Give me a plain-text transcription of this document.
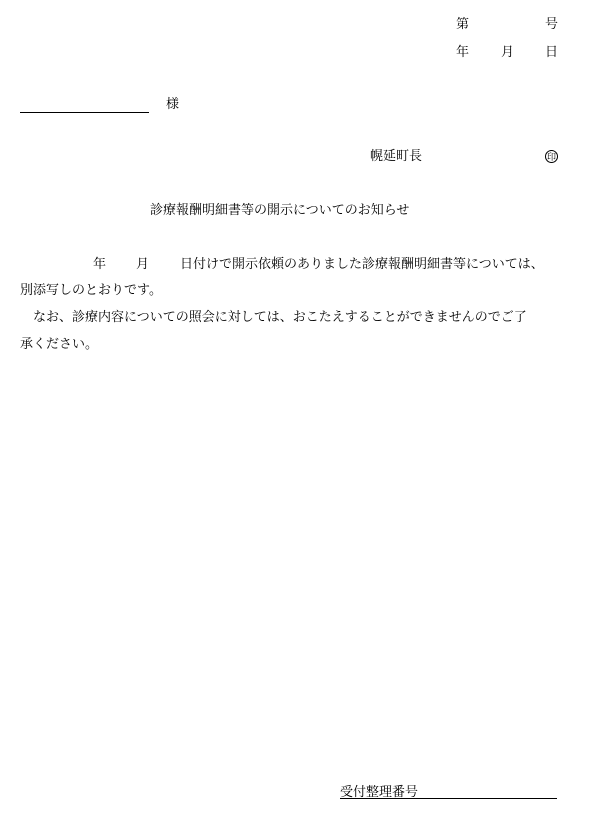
第	号
年 月 日
様
幌延町長	印
診療報酬明細書等の開示についてのお知らせ
年 月 日付けで開示依頼のありました診療報酬明細書等については、
別添写しのとおりです。
　なお、診療内容についての照会に対しては、おこたえすることができませんのでご了
承ください。
受付整理番号
